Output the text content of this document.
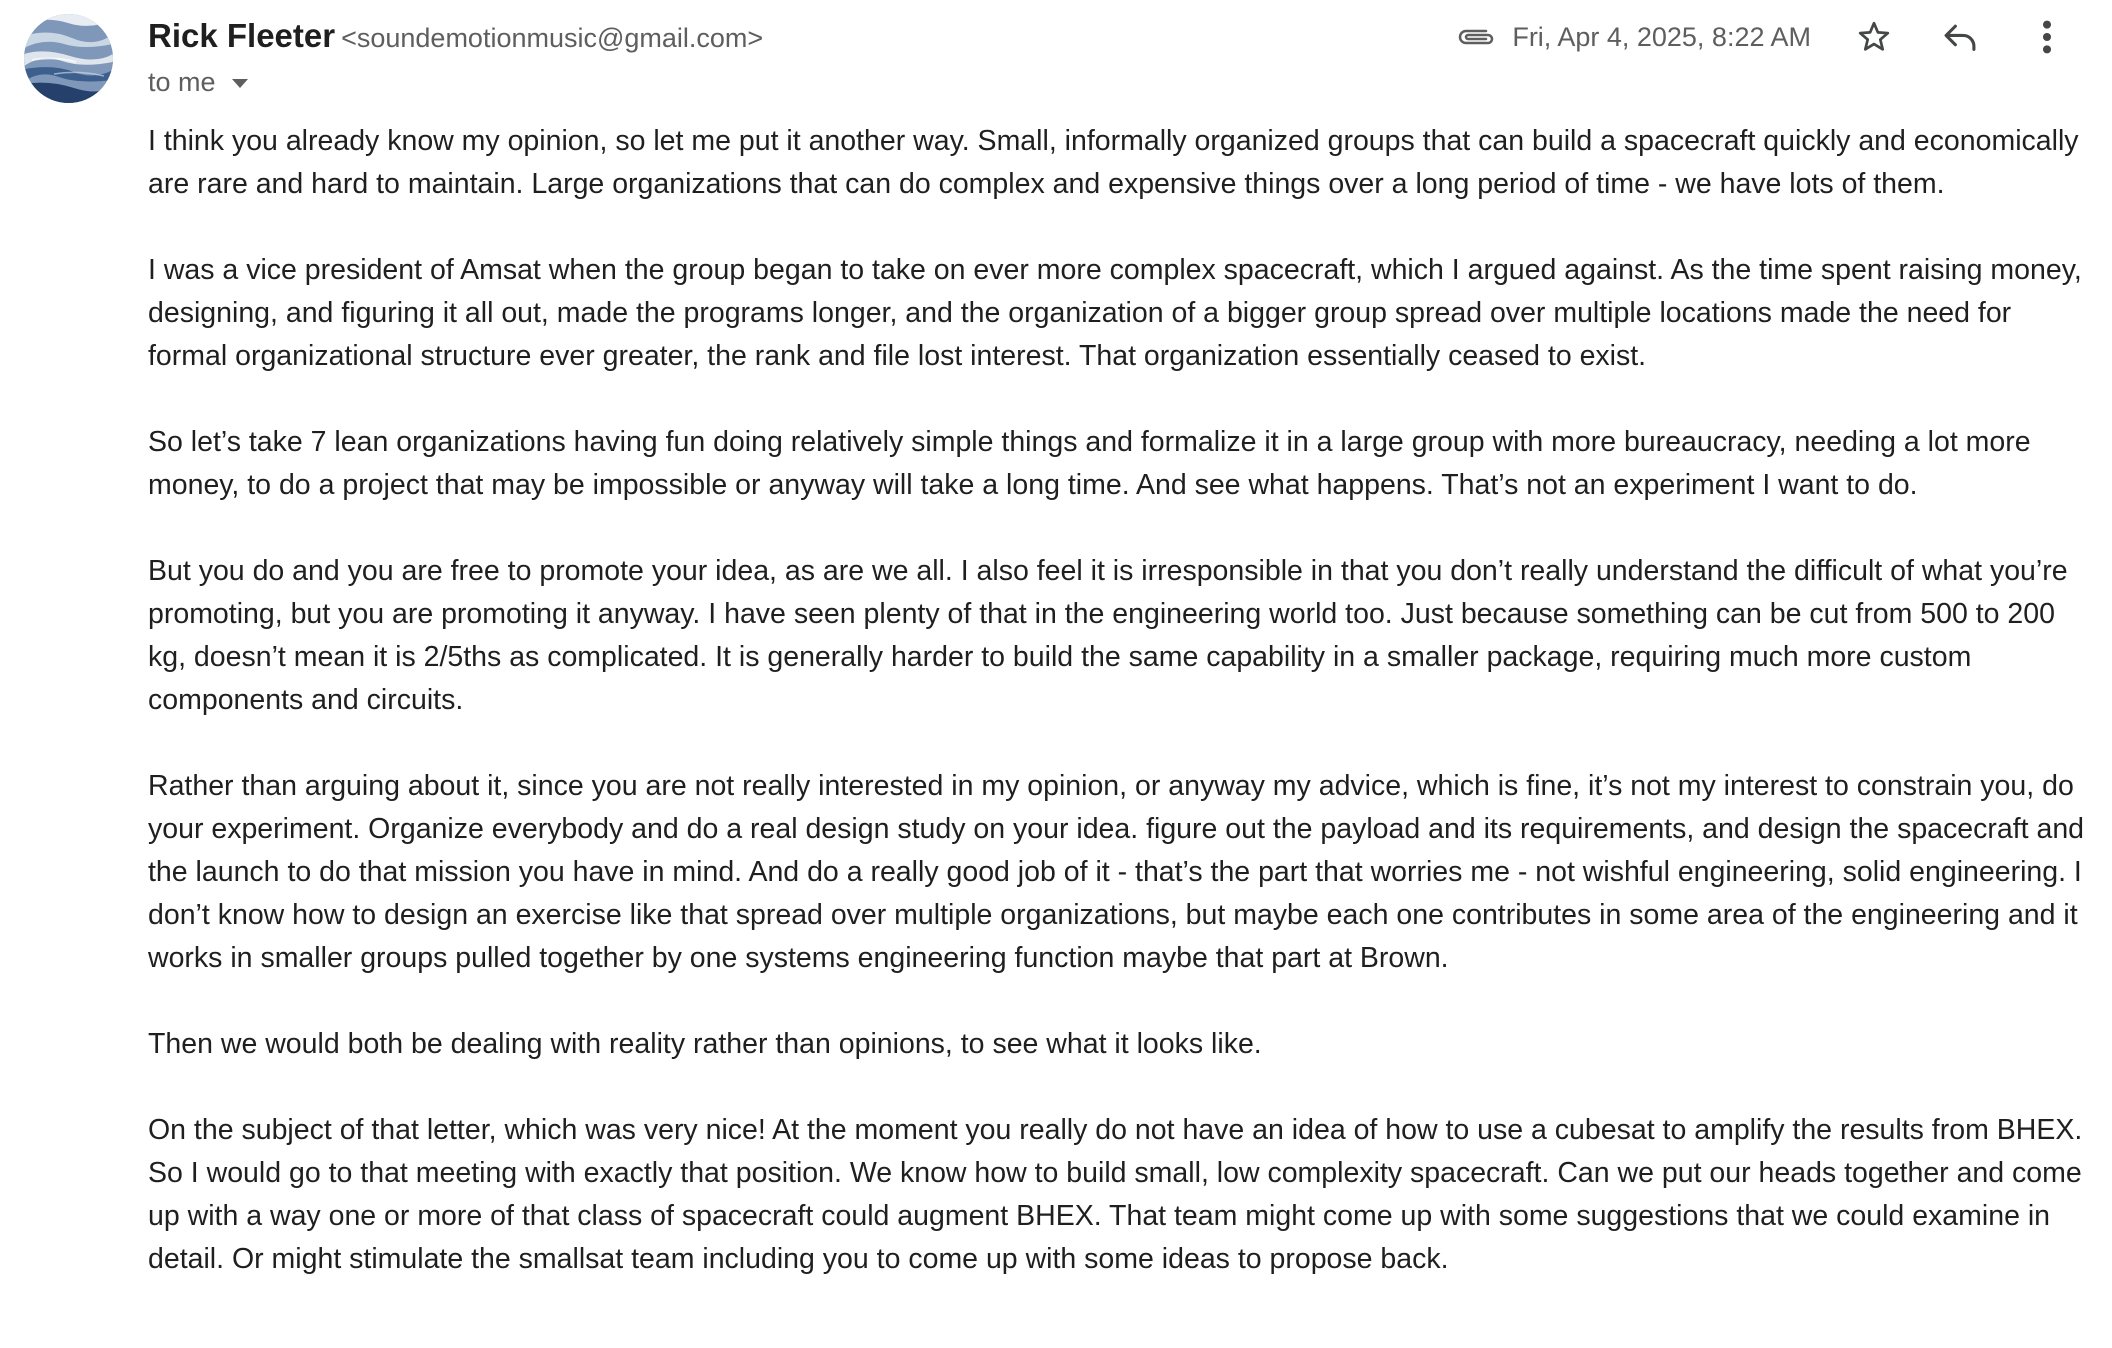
Rick Fleeter <soundemotionmusic@gmail.com>
to me
Fri, Apr 4, 2025, 8:22 AM

I think you already know my opinion, so let me put it another way. Small, informally organized groups that can build a spacecraft quickly and economically are rare and hard to maintain. Large organizations that can do complex and expensive things over a long period of time - we have lots of them.

I was a vice president of Amsat when the group began to take on ever more complex spacecraft, which I argued against. As the time spent raising money, designing, and figuring it all out, made the programs longer, and the organization of a bigger group spread over multiple locations made the need for formal organizational structure ever greater, the rank and file lost interest. That organization essentially ceased to exist.

So let’s take 7 lean organizations having fun doing relatively simple things and formalize it in a large group with more bureaucracy, needing a lot more money, to do a project that may be impossible or anyway will take a long time. And see what happens. That’s not an experiment I want to do.

But you do and you are free to promote your idea, as are we all. I also feel it is irresponsible in that you don’t really understand the difficult of what you’re promoting, but you are promoting it anyway. I have seen plenty of that in the engineering world too. Just because something can be cut from 500 to 200 kg, doesn’t mean it is 2/5ths as complicated. It is generally harder to build the same capability in a smaller package, requiring much more custom components and circuits.

Rather than arguing about it, since you are not really interested in my opinion, or anyway my advice, which is fine, it’s not my interest to constrain you, do your experiment. Organize everybody and do a real design study on your idea. figure out the payload and its requirements, and design the spacecraft and the launch to do that mission you have in mind. And do a really good job of it - that’s the part that worries me - not wishful engineering, solid engineering. I don’t know how to design an exercise like that spread over multiple organizations, but maybe each one contributes in some area of the engineering and it works in smaller groups pulled together by one systems engineering function maybe that part at Brown.

Then we would both be dealing with reality rather than opinions, to see what it looks like.

On the subject of that letter, which was very nice! At the moment you really do not have an idea of how to use a cubesat to amplify the results from BHEX. So I would go to that meeting with exactly that position. We know how to build small, low complexity spacecraft. Can we put our heads together and come up with a way one or more of that class of spacecraft could augment BHEX. That team might come up with some suggestions that we could examine in detail. Or might stimulate the smallsat team including you to come up with some ideas to propose back.
